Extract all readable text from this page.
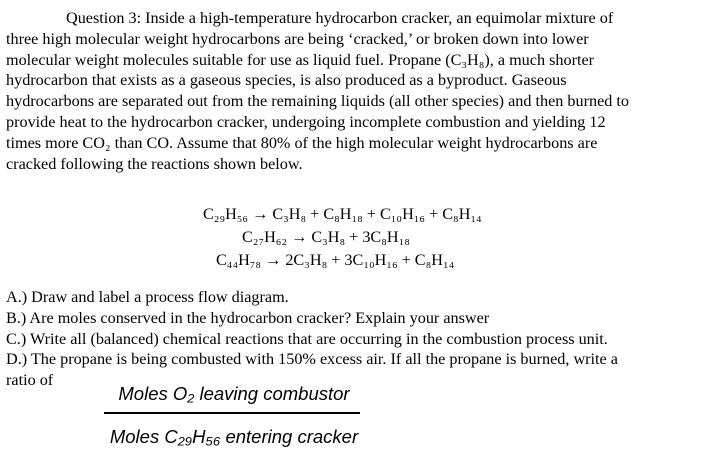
Question 3: Inside a high-temperature hydrocarbon cracker, an equimolar mixture of
three high molecular weight hydrocarbons are being ‘cracked,’ or broken down into lower
molecular weight molecules suitable for use as liquid fuel. Propane (C₃H₈), a much shorter
hydrocarbon that exists as a gaseous species, is also produced as a byproduct. Gaseous
hydrocarbons are separated out from the remaining liquids (all other species) and then burned to
provide heat to the hydrocarbon cracker, undergoing incomplete combustion and yielding 12
times more CO₂ than CO. Assume that 80% of the high molecular weight hydrocarbons are
cracked following the reactions shown below.
C₂₉H₅₆ → C₃H₈ + C₈H₁₈ + C₁₀H₁₆ + C₈H₁₄
C₂₇H₆₂ → C₃H₈ + 3C₈H₁₈
C₄₄H₇₈ → 2C₃H₈ + 3C₁₀H₁₆ + C₈H₁₄
A.) Draw and label a process flow diagram.
B.) Are moles conserved in the hydrocarbon cracker? Explain your answer
C.) Write all (balanced) chemical reactions that are occurring in the combustion process unit.
D.) The propane is being combusted with 150% excess air. If all the propane is burned, write a
ratio of
Moles O₂ leaving combustor
Moles C₂₉H₅₆ entering cracker
